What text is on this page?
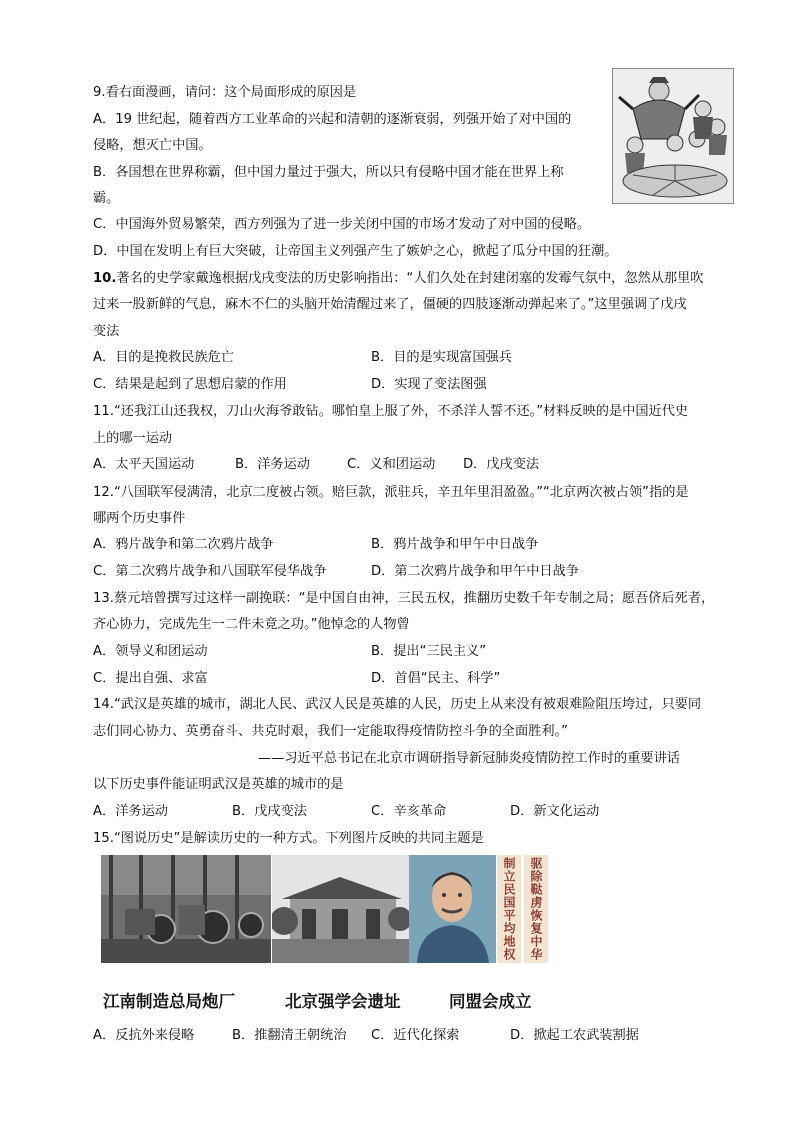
9.看右面漫画，请问：这个局面形成的原因是
A．19 世纪起，随着西方工业革命的兴起和清朝的逐渐衰弱，列强开始了对中国的
侵略，想灭亡中国。
B．各国想在世界称霸，但中国力量过于强大，所以只有侵略中国才能在世界上称
霸。
C．中国海外贸易繁荣，西方列强为了进一步关闭中国的市场才发动了对中国的侵略。
D．中国在发明上有巨大突破，让帝国主义列强产生了嫉妒之心，掀起了瓜分中国的狂潮。
10.著名的史学家戴逸根据戊戌变法的历史影响指出：“人们久处在封建闭塞的发霉气氛中，忽然从那里吹
过来一股新鲜的气息，麻木不仁的头脑开始清醒过来了，僵硬的四肢逐渐动弹起来了。”这里强调了戊戌
变法
A．目的是挽救民族危亡	B．目的是实现富国强兵
C．结果是起到了思想启蒙的作用	D．实现了变法图强
11.“还我江山还我权，刀山火海爷敢钻。哪怕皇上服了外，不杀洋人誓不还。”材料反映的是中国近代史
上的哪一运动
A．太平天国运动	B．洋务运动	C．义和团运动 D．戊戌变法
12.“八国联军侵满清，北京二度被占领。赔巨款，派驻兵，辛丑年里泪盈盈。”“北京两次被占领”指的是
哪两个历史事件
A．鸦片战争和第二次鸦片战争	B．鸦片战争和甲午中日战争
C．第二次鸦片战争和八国联军侵华战争	D．第二次鸦片战争和甲午中日战争
13.蔡元培曾撰写过这样一副挽联：“是中国自由神，三民五权，推翻历史数千年专制之局；愿吾侪后死者，
齐心协力，完成先生一二件未竟之功。”他悼念的人物曾
A．领导义和团运动	B．提出“三民主义”
C．提出自强、求富	D．首倡“民主、科学”
14.“武汉是英雄的城市，湖北人民、武汉人民是英雄的人民，历史上从来没有被艰难险阻压垮过，只要同
志们同心协力、英勇奋斗、共克时艰，我们一定能取得疫情防控斗争的全面胜利。”
——习近平总书记在北京市调研指导新冠肺炎疫情防控工作时的重要讲话
以下历史事件能证明武汉是英雄的城市的是
A．洋务运动	B．戊戌变法	C．辛亥革命	D．新文化运动
15.“图说历史”是解读历史的一种方式。下列图片反映的共同主题是
制立民国平均地权	驱除鞑虏恢复中华
江南制造总局炮厂	北京强学会遗址	同盟会成立
A．反抗外来侵略	B．推翻清王朝统治 C．近代化探索	D．掀起工农武装割据
